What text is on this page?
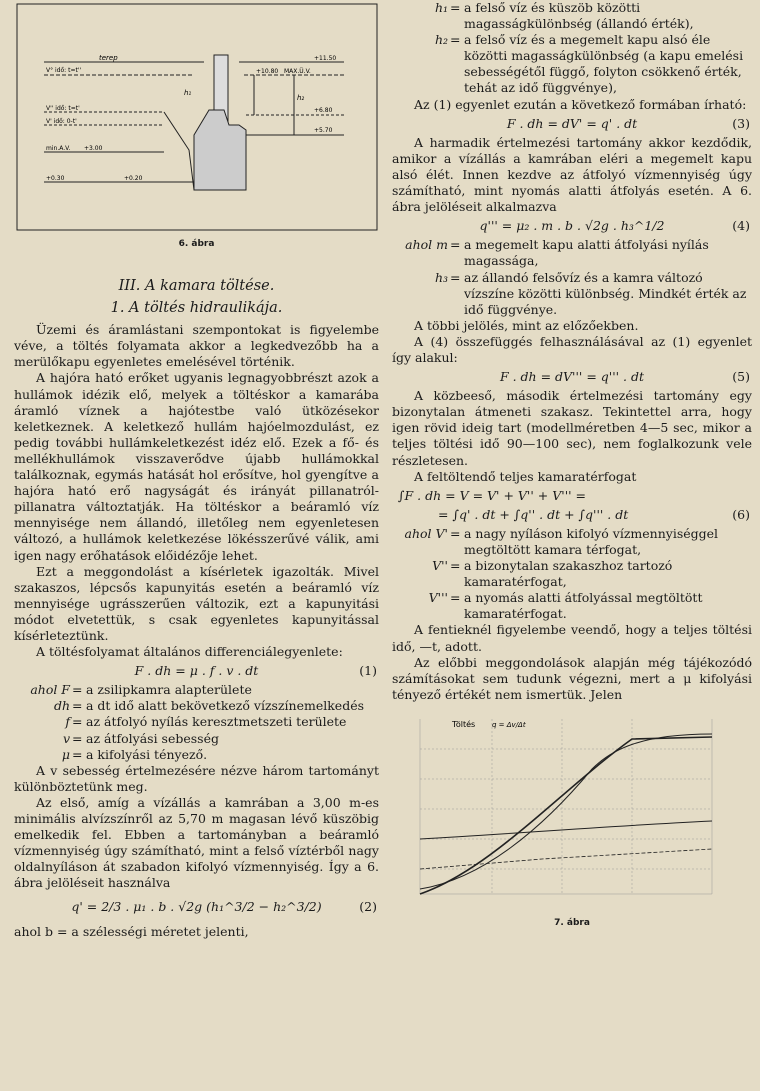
terep	+11.50
V° idő: t=t''	+10.80 MAX.Ü.V.
h₁
h₂
V'' idő: t=t'
V' idő: 0-t'
+6.80
+5.70
min.A.V. +3.00
+0.30	+0.20
6. ábra
III. A kamara töltése.
1. A töltés hidraulikája.

Üzemi és áramlástani szempontokat is figyelembe véve, a töltés folyamata akkor a legkedvezőbb ha a merülőkapu egyenletes emelésével történik.

A hajóra ható erőket ugyanis legnagyobbrészt azok a hullámok idézik elő, melyek a töltéskor a kamarába áramló víznek a hajótestbe való ütközésekor keletkeznek. A keletkező hullám hajóelmozdulást, ez pedig további hullámkeletkezést idéz elő. Ezek a fő- és mellékhullámok visszaverődve újabb hullámokkal találkoznak, egymás hatását hol erősítve, hol gyengítve a hajóra ható erő nagyságát és irányát pillanatról-pillanatra változtatják. Ha töltéskor a beáramló víz mennyisége nem állandó, illetőleg nem egyenletesen változó, a hullámok keletkezése lökésszerűvé válik, ami igen nagy erőhatások előidézője lehet.

Ezt a meggondolást a kísérletek igazolták. Mivel szakaszos, lépcsős kapunyitás esetén a beáramló víz mennyisége ugrásszerűen változik, ezt a kapunyitási módot elvetettük, s csak egyenletes kapunyitással kísérleteztünk.

A töltésfolyamat általános differenciálegyenlete:

F . dh = μ . f . v . dt	(1)
ahol F = a zsilipkamra alapterülete
dh = a dt idő alatt bekövetkező vízszínemelkedés
f = az átfolyó nyílás keresztmetszeti területe
v = az átfolyási sebesség
μ = a kifolyási tényező.

A v sebesség értelmezésére nézve három tartományt különböztetünk meg.

Az első, amíg a vízállás a kamrában a 3,00 m-es minimális alvízszínről az 5,70 m magasan lévő küszöbig emelkedik fel. Ebben a tartományban a beáramló vízmennyiség úgy számítható, mint a felső víztérből nagy oldalnyíláson át szabadon kifolyó vízmennyiség. Így a 6. ábra jelöléseit használva

q' = 2/3 . μ₁ . b . √2g (h₁^3/2 − h₂^3/2)	(2)

ahol b = a szélességi méretet jelenti,

h₁ = a felső víz és küszöb közötti magasságkülönbség (állandó érték),
h₂ = a felső víz és a megemelt kapu alsó éle közötti magasságkülönbség (a kapu emelési sebességétől függő, folyton csökkenő érték, tehát az idő függvénye),

Az (1) egyenlet ezután a következő formában írható:

F . dh = dV' = q' . dt	(3)

A harmadik értelmezési tartomány akkor kezdődik, amikor a vízállás a kamrában eléri a megemelt kapu alsó élét. Innen kezdve az átfolyó vízmennyiség úgy számítható, mint nyomás alatti átfolyás esetén. A 6. ábra jelöléseit alkalmazva

q''' = μ₂ . m . b . √2g . h₃^1/2	(4)
ahol m = a megemelt kapu alatti átfolyási nyílás magassága,
h₃ = az állandó felsővíz és a kamra változó vízszíne közötti különbség. Mindkét érték az idő függvénye.

A többi jelölés, mint az előzőekben.

A (4) összefüggés felhasználásával az (1) egyenlet így alakul:

F . dh = dV''' = q''' . dt	(5)

A közbeeső, második értelmezési tartomány egy bizonytalan átmeneti szakasz. Tekintettel arra, hogy igen rövid ideig tart (modellméretben 4—5 sec, mikor a teljes töltési idő 90—100 sec), nem foglalkozunk vele részletesen.

A feltöltendő teljes kamaratérfogat

∫F . dh = V = V' + V'' + V''' =
= ∫q' . dt + ∫q'' . dt + ∫q''' . dt	(6)
ahol V' = a nagy nyíláson kifolyó vízmennyiséggel megtöltött kamara térfogat,
V'' = a bizonytalan szakaszhoz tartozó kamaratérfogat,
V''' = a nyomás alatti átfolyással megtöltött kamaratérfogat.

A fentieknél figyelembe veendő, hogy a teljes töltési idő, —t, adott.

Az előbbi meggondolások alapján még tájékozódó számításokat sem tudunk végezni, mert a μ kifolyási tényező értékét nem ismertük. Jelen

Töltés q = Δv/Δt
7. ábra
